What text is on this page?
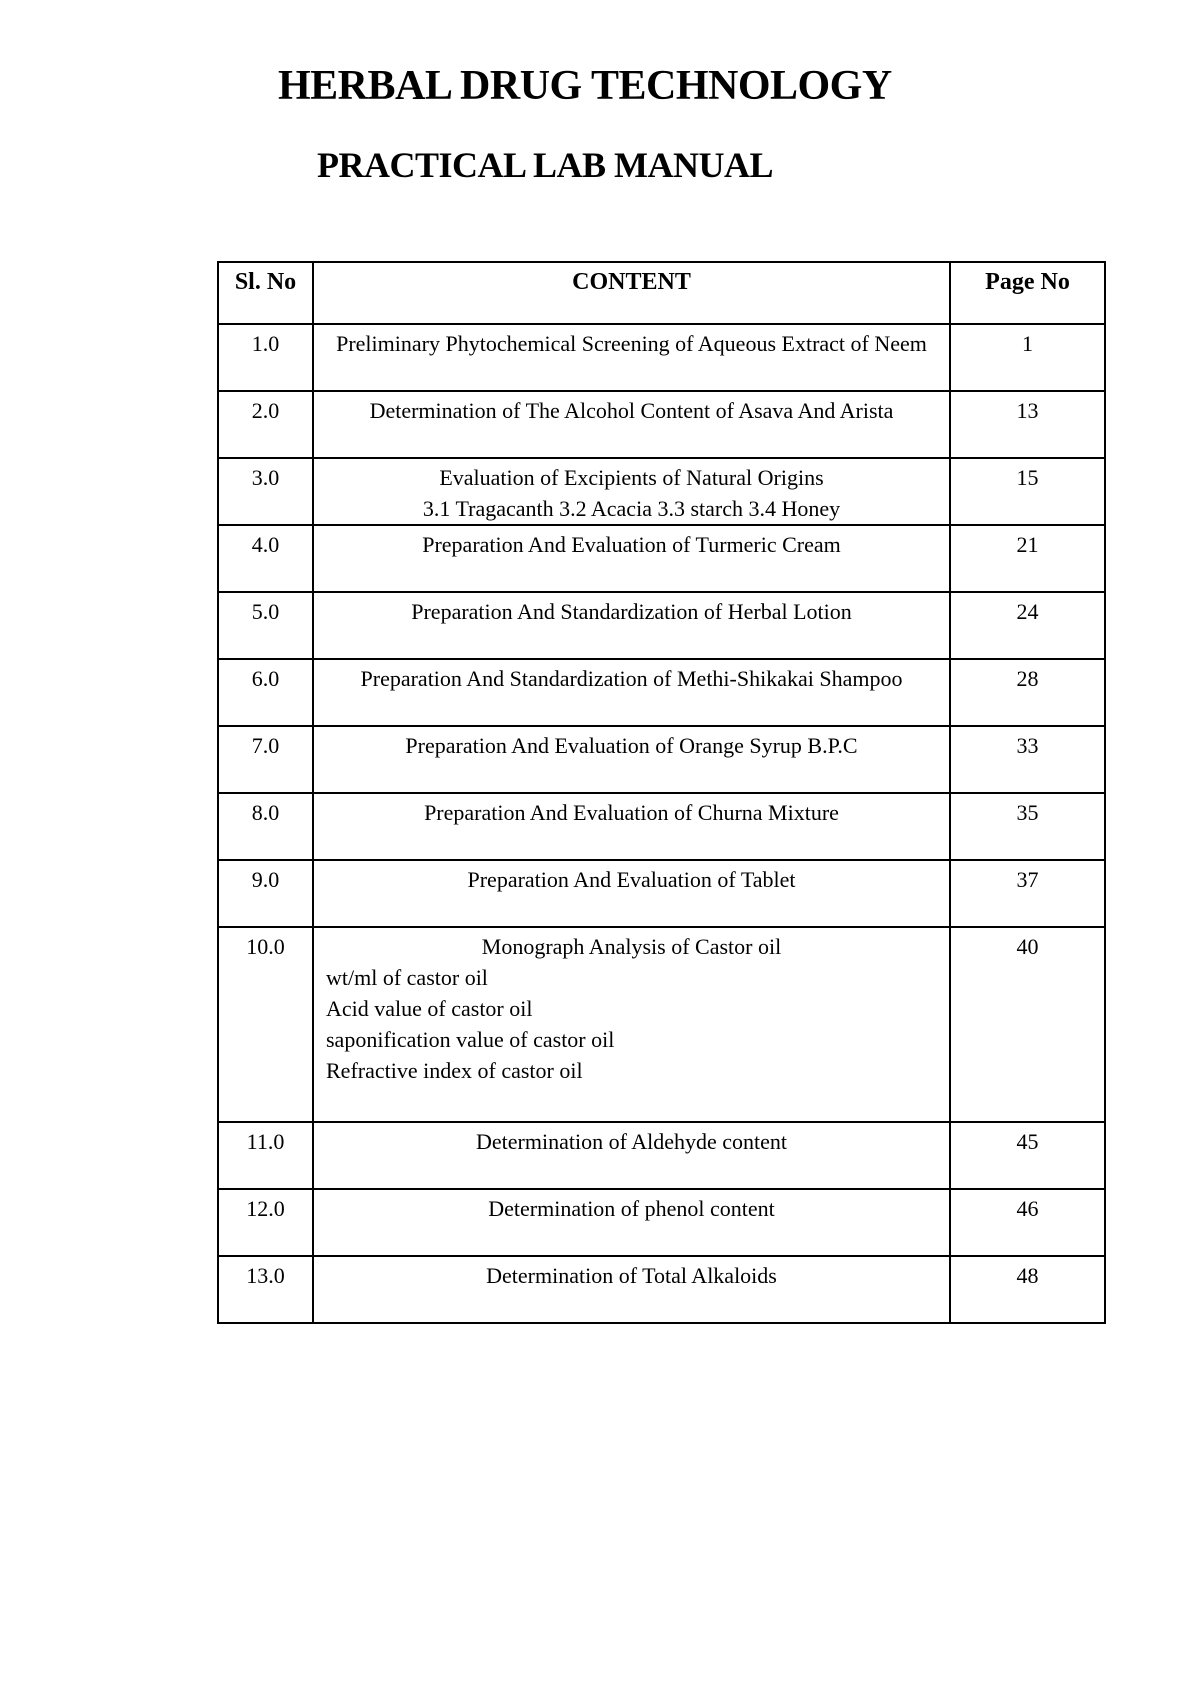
HERBAL DRUG TECHNOLOGY
PRACTICAL LAB MANUAL
Sl. No	CONTENT	Page No
1.0	Preliminary Phytochemical Screening of Aqueous Extract of Neem	1
2.0	Determination of The Alcohol Content of Asava And Arista	13
3.0	Evaluation of Excipients of Natural Origins
3.1 Tragacanth 3.2 Acacia 3.3 starch 3.4 Honey	15
4.0	Preparation And Evaluation of Turmeric Cream	21
5.0	Preparation And Standardization of Herbal Lotion	24
6.0	Preparation And Standardization of Methi-Shikakai Shampoo	28
7.0	Preparation And Evaluation of Orange Syrup B.P.C	33
8.0	Preparation And Evaluation of Churna Mixture	35
9.0	Preparation And Evaluation of Tablet	37
10.0	Monograph Analysis of Castor oil
wt/ml of castor oil
Acid value of castor oil
saponification value of castor oil
Refractive index of castor oil	40
11.0	Determination of Aldehyde content	45
12.0	Determination of phenol content	46
13.0	Determination of Total Alkaloids	48
